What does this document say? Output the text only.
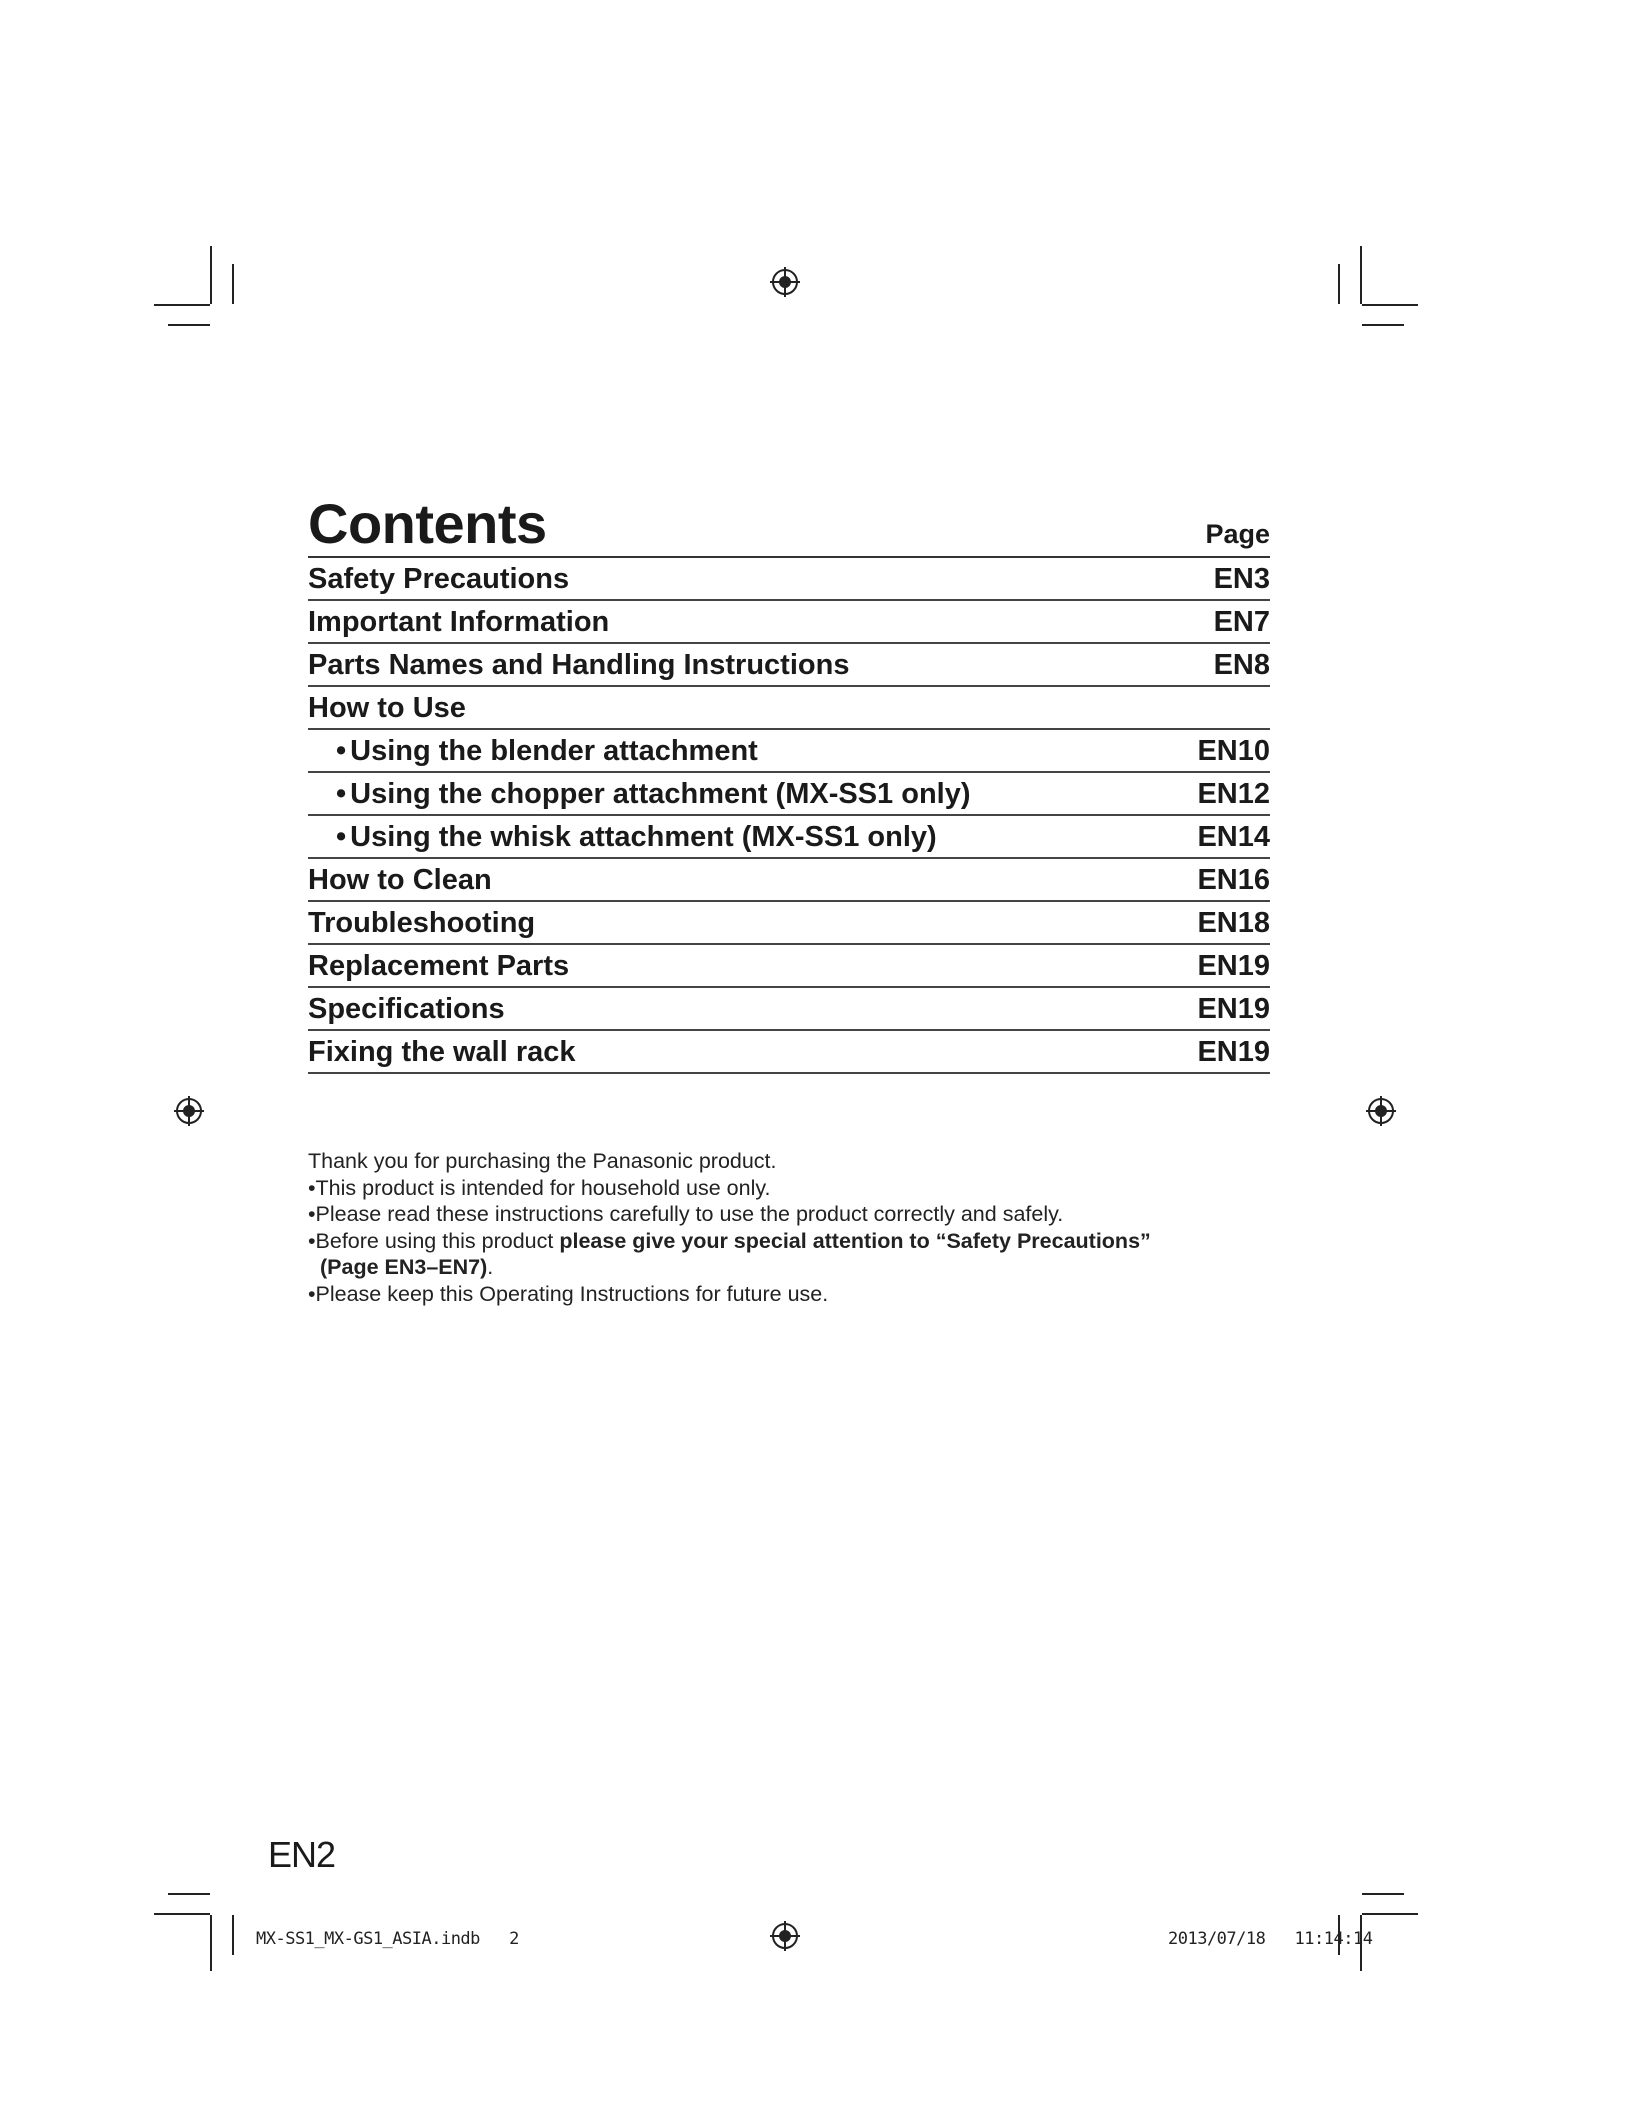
Contents	Page
Safety Precautions	EN3
Important Information	EN7
Parts Names and Handling Instructions	EN8
How to Use
• Using the blender attachment	EN10
• Using the chopper attachment (MX-SS1 only)	EN12
• Using the whisk attachment (MX-SS1 only)	EN14
How to Clean	EN16
Troubleshooting	EN18
Replacement Parts	EN19
Specifications	EN19
Fixing the wall rack	EN19

Thank you for purchasing the Panasonic product.

•This product is intended for household use only.

•Please read these instructions carefully to use the product correctly and safely.

•Before using this product please give your special attention to “Safety Precautions”

(Page EN3–EN7).

•Please keep this Operating Instructions for future use.

EN2
MX-SS1_MX-GS1_ASIA.indb   2	2013/07/18   11:14:14
